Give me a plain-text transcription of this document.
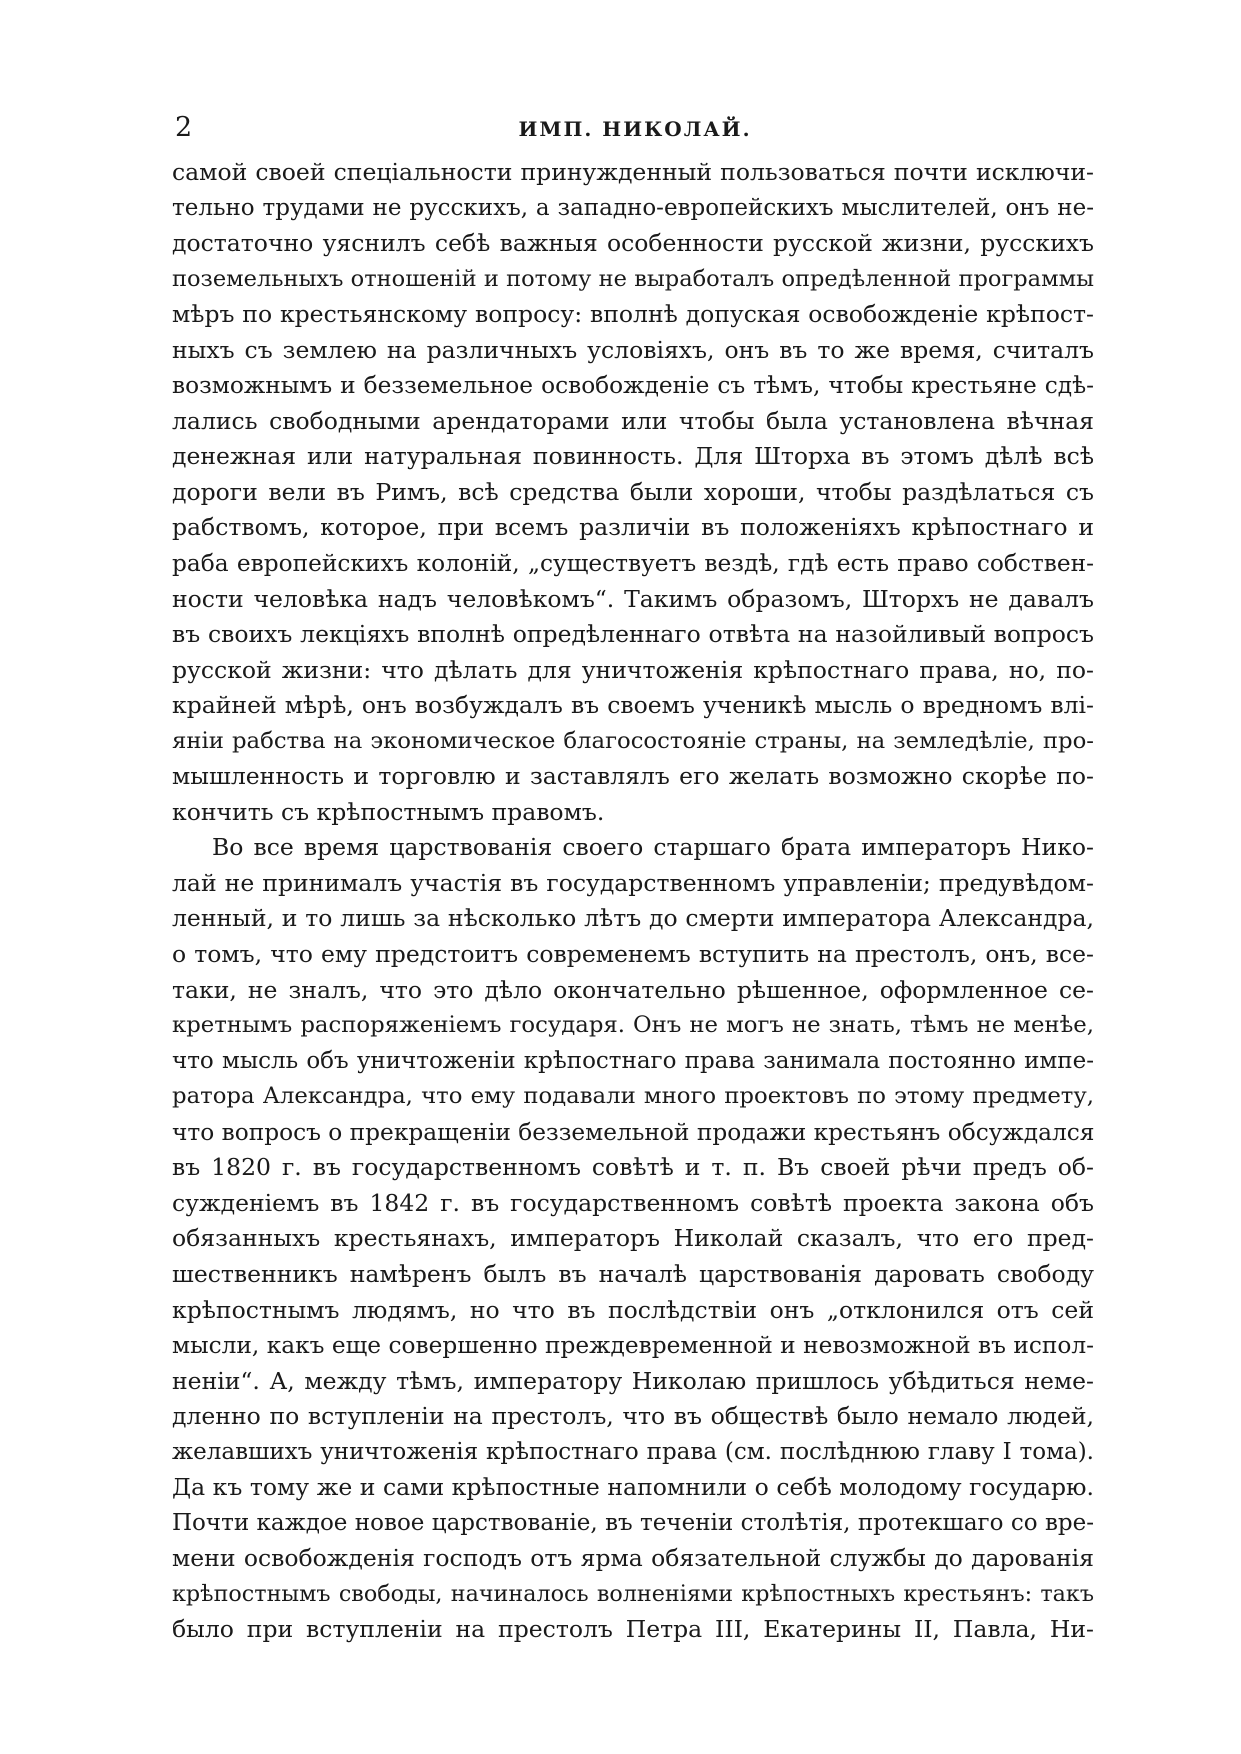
2	ИМП. НИКОЛАЙ.
самой своей спеціальности принужденный пользоваться почти исключи-
тельно трудами не русскихъ, а западно-европейскихъ мыслителей, онъ не-
достаточно уяснилъ себѣ важныя особенности русской жизни, русскихъ
поземельныхъ отношеній и потому не выработалъ опредѣленной программы
мѣръ по крестьянскому вопросу: вполнѣ допуская освобожденіе крѣпост-
ныхъ съ землею на различныхъ условіяхъ, онъ въ то же время, считалъ
возможнымъ и безземельное освобожденіе съ тѣмъ, чтобы крестьяне сдѣ-
лались свободными арендаторами или чтобы была установлена вѣчная
денежная или натуральная повинность. Для Шторха въ этомъ дѣлѣ всѣ
дороги вели въ Римъ, всѣ средства были хороши, чтобы раздѣлаться съ
рабствомъ, которое, при всемъ различіи въ положеніяхъ крѣпостнаго и
раба европейскихъ колоній, „существуетъ вездѣ, гдѣ есть право собствен-
ности человѣка надъ человѣкомъ“. Такимъ образомъ, Шторхъ не давалъ
въ своихъ лекціяхъ вполнѣ опредѣленнаго отвѣта на назойливый вопросъ
русской жизни: что дѣлать для уничтоженія крѣпостнаго права, но, по-
крайней мѣрѣ, онъ возбуждалъ въ своемъ ученикѣ мысль о вредномъ влі-
яніи рабства на экономическое благосостояніе страны, на земледѣліе, про-
мышленность и торговлю и заставлялъ его желать возможно скорѣе по-
кончить съ крѣпостнымъ правомъ.
Во все время царствованія своего старшаго брата императоръ Нико-
лай не принималъ участія въ государственномъ управленіи; предувѣдом-
ленный, и то лишь за нѣсколько лѣтъ до смерти императора Александра,
о томъ, что ему предстоитъ современемъ вступить на престолъ, онъ, все-
таки, не зналъ, что это дѣло окончательно рѣшенное, оформленное се-
кретнымъ распоряженіемъ государя. Онъ не могъ не знать, тѣмъ не менѣе,
что мысль объ уничтоженіи крѣпостнаго права занимала постоянно импе-
ратора Александра, что ему подавали много проектовъ по этому предмету,
что вопросъ о прекращеніи безземельной продажи крестьянъ обсуждался
въ 1820 г. въ государственномъ совѣтѣ и т. п. Въ своей рѣчи предъ об-
сужденіемъ въ 1842 г. въ государственномъ совѣтѣ проекта закона объ
обязанныхъ крестьянахъ, императоръ Николай сказалъ, что его пред-
шественникъ намѣренъ былъ въ началѣ царствованія даровать свободу
крѣпостнымъ людямъ, но что въ послѣдствіи онъ „отклонился отъ сей
мысли, какъ еще совершенно преждевременной и невозможной въ испол-
неніи“. А, между тѣмъ, императору Николаю пришлось убѣдиться неме-
дленно по вступленіи на престолъ, что въ обществѣ было немало людей,
желавшихъ уничтоженія крѣпостнаго права (см. послѣднюю главу I тома).
Да къ тому же и сами крѣпостные напомнили о себѣ молодому государю.
Почти каждое новое царствованіе, въ теченіи столѣтія, протекшаго со вре-
мени освобожденія господъ отъ ярма обязательной службы до дарованія
крѣпостнымъ свободы, начиналось волненіями крѣпостныхъ крестьянъ: такъ
было при вступленіи на престолъ Петра III, Екатерины II, Павла, Ни-
